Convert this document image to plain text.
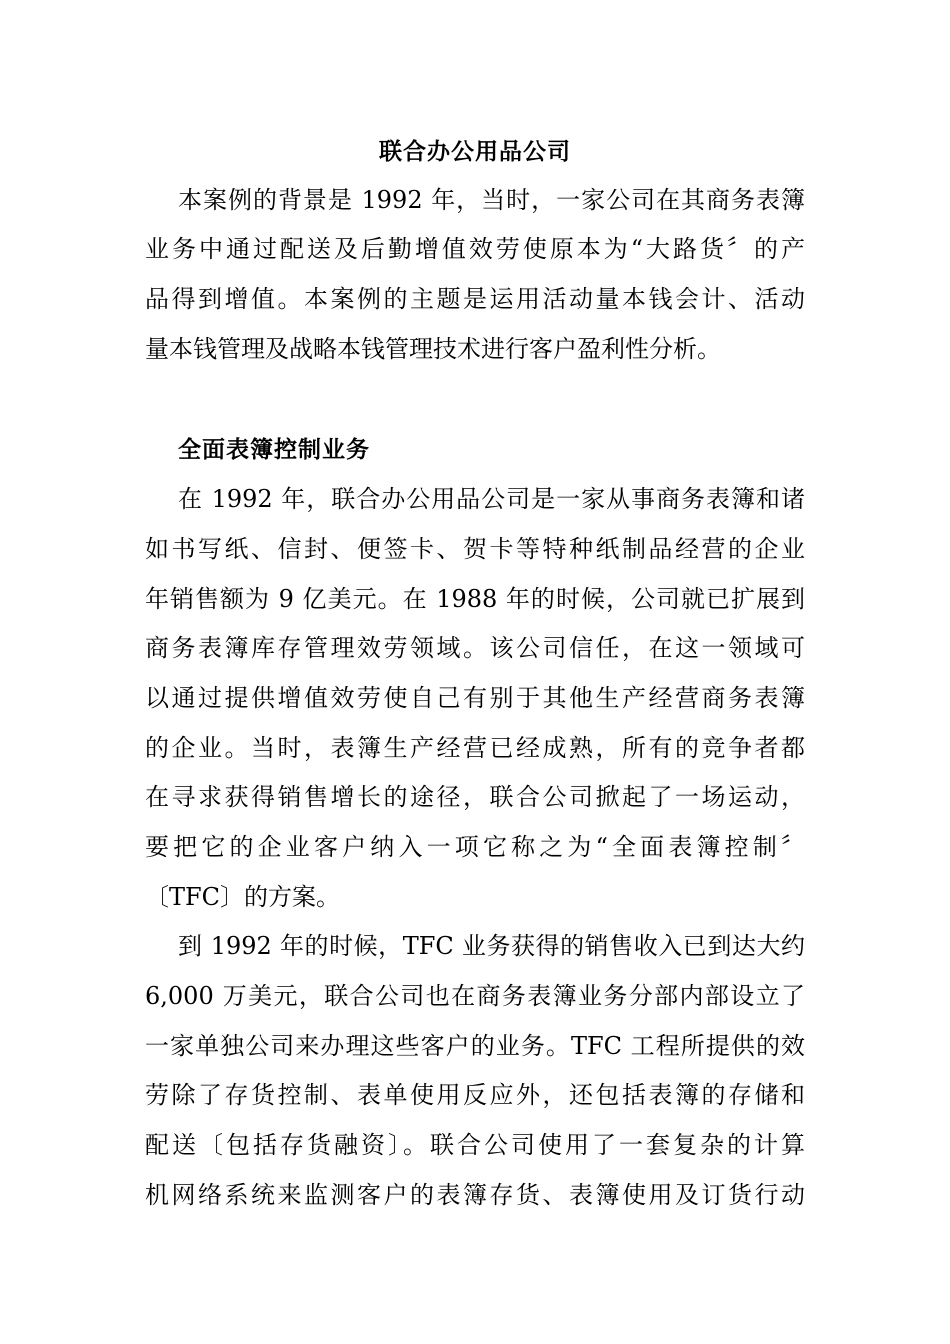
联合办公用品公司
本案例的背景是 1992 年，当时，一家公司在其商务表簿
业务中通过配送及后勤增值效劳使原本为“大路货〞的产
品得到增值。本案例的主题是运用活动量本钱会计、活动
量本钱管理及战略本钱管理技术进行客户盈利性分析。
全面表簿控制业务
在 1992 年，联合办公用品公司是一家从事商务表簿和诸
如书写纸、信封、便签卡、贺卡等特种纸制品经营的企业
年销售额为 9 亿美元。在 1988 年的时候，公司就已扩展到
商务表簿库存管理效劳领域。该公司信任，在这一领域可
以通过提供增值效劳使自己有别于其他生产经营商务表簿
的企业。当时，表簿生产经营已经成熟，所有的竞争者都
在寻求获得销售增长的途径，联合公司掀起了一场运动，
要把它的企业客户纳入一项它称之为“全面表簿控制〞
〔TFC〕的方案。
到 1992 年的时候，TFC 业务获得的销售收入已到达大约
6,000 万美元，联合公司也在商务表簿业务分部内部设立了
一家单独公司来办理这些客户的业务。TFC 工程所提供的效
劳除了存货控制、表单使用反应外，还包括表簿的存储和
配送〔包括存货融资〕。联合公司使用了一套复杂的计算
机网络系统来监测客户的表簿存货、表簿使用及订货行动
